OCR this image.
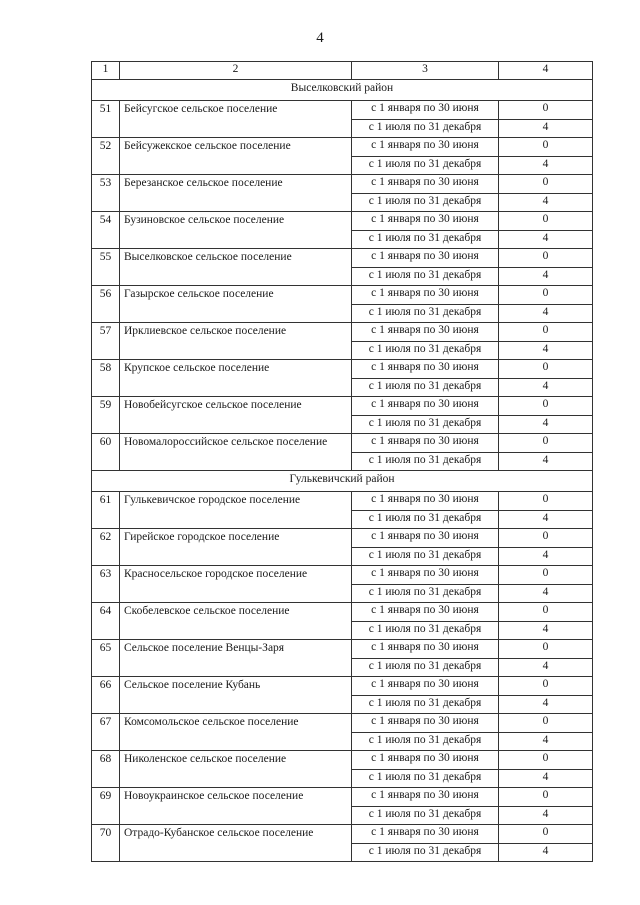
4
1	2	3	4
Выселковский район			
51	Бейсугское сельское поселение	с 1 января по 30 июня	0
		с 1 июля по 31 декабря	4
52	Бейсужекское сельское поселение	с 1 января по 30 июня	0
		с 1 июля по 31 декабря	4
53	Березанское сельское поселение	с 1 января по 30 июня	0
		с 1 июля по 31 декабря	4
54	Бузиновское сельское поселение	с 1 января по 30 июня	0
		с 1 июля по 31 декабря	4
55	Выселковское сельское поселение	с 1 января по 30 июня	0
		с 1 июля по 31 декабря	4
56	Газырское сельское поселение	с 1 января по 30 июня	0
		с 1 июля по 31 декабря	4
57	Ирклиевское сельское поселение	с 1 января по 30 июня	0
		с 1 июля по 31 декабря	4
58	Крупское сельское поселение	с 1 января по 30 июня	0
		с 1 июля по 31 декабря	4
59	Новобейсугское сельское поселение	с 1 января по 30 июня	0
		с 1 июля по 31 декабря	4
60	Новомалороссийское сельское поселение	с 1 января по 30 июня	0
		с 1 июля по 31 декабря	4
Гулькевичский район			
61	Гулькевичское городское поселение	с 1 января по 30 июня	0
		с 1 июля по 31 декабря	4
62	Гирейское городское поселение	с 1 января по 30 июня	0
		с 1 июля по 31 декабря	4
63	Красносельское городское поселение	с 1 января по 30 июня	0
		с 1 июля по 31 декабря	4
64	Скобелевское сельское поселение	с 1 января по 30 июня	0
		с 1 июля по 31 декабря	4
65	Сельское поселение Венцы-Заря	с 1 января по 30 июня	0
		с 1 июля по 31 декабря	4
66	Сельское поселение Кубань	с 1 января по 30 июня	0
		с 1 июля по 31 декабря	4
67	Комсомольское сельское поселение	с 1 января по 30 июня	0
		с 1 июля по 31 декабря	4
68	Николенское сельское поселение	с 1 января по 30 июня	0
		с 1 июля по 31 декабря	4
69	Новоукраинское сельское поселение	с 1 января по 30 июня	0
		с 1 июля по 31 декабря	4
70	Отрадо-Кубанское сельское поселение	с 1 января по 30 июня	0
		с 1 июля по 31 декабря	4
